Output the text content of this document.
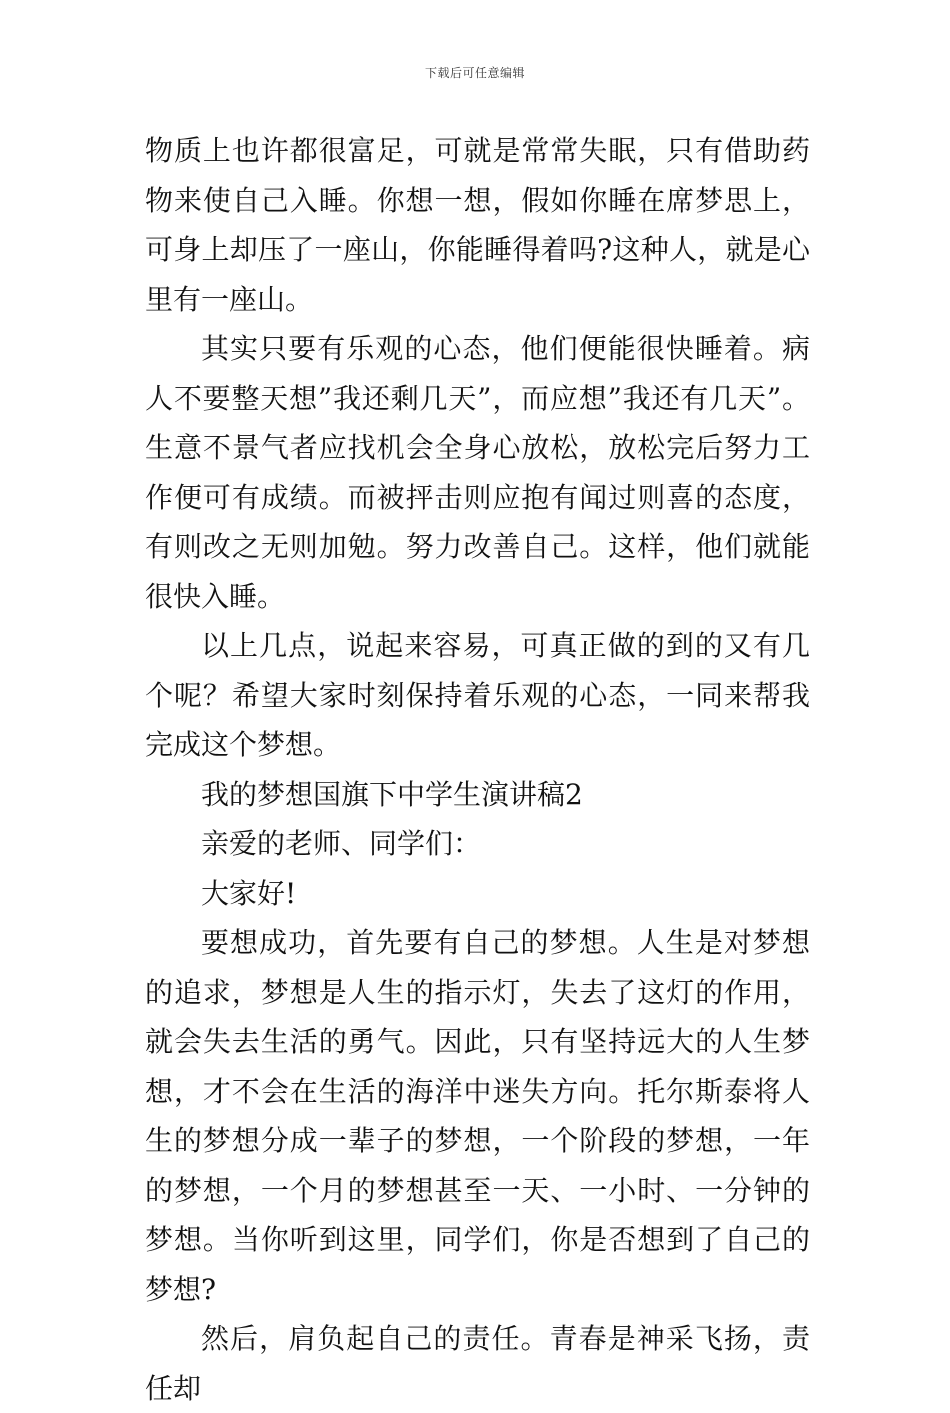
下载后可任意编辑

物质上也许都很富足，可就是常常失眠，只有借助药物来使自己入睡。你想一想，假如你睡在席梦思上，可身上却压了一座山，你能睡得着吗?这种人，就是心里有一座山。

其实只要有乐观的心态，他们便能很快睡着。病人不要整天想”我还剩几天”，而应想”我还有几天”。生意不景气者应找机会全身心放松，放松完后努力工作便可有成绩。而被抨击则应抱有闻过则喜的态度，有则改之无则加勉。努力改善自己。这样，他们就能很快入睡。

以上几点，说起来容易，可真正做的到的又有几个呢？希望大家时刻保持着乐观的心态，一同来帮我完成这个梦想。

我的梦想国旗下中学生演讲稿2

亲爱的老师、同学们：

大家好!

要想成功，首先要有自己的梦想。人生是对梦想的追求，梦想是人生的指示灯，失去了这灯的作用，就会失去生活的勇气。因此，只有坚持远大的人生梦想，才不会在生活的海洋中迷失方向。托尔斯泰将人生的梦想分成一辈子的梦想，一个阶段的梦想，一年的梦想，一个月的梦想甚至一天、一小时、一分钟的梦想。当你听到这里，同学们，你是否想到了自己的梦想?

然后，肩负起自己的责任。青春是神采飞扬，责任却
